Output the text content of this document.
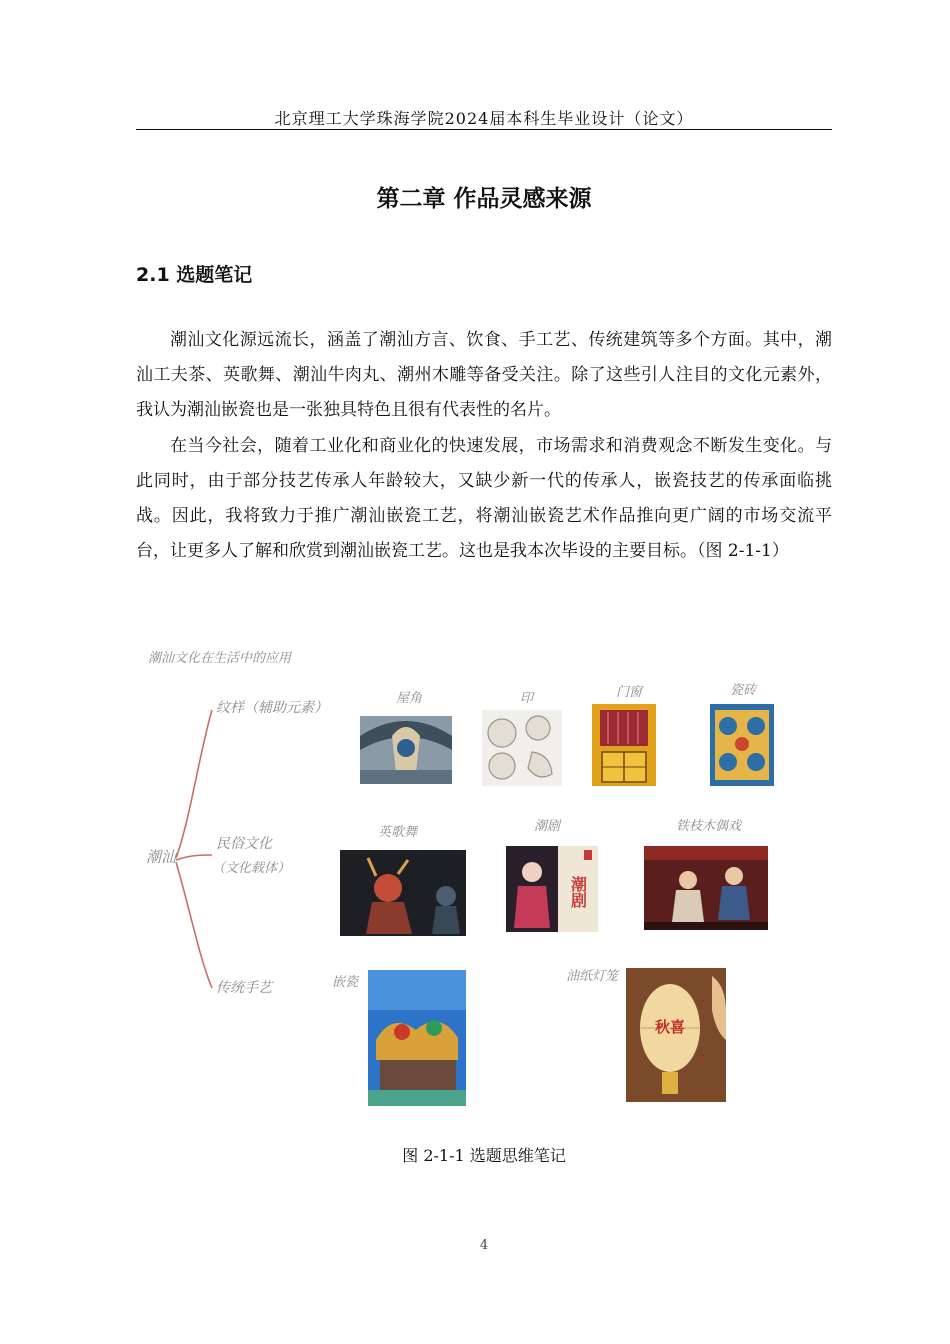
北京理工大学珠海学院2024届本科生毕业设计（论文）
第二章 作品灵感来源
2.1 选题笔记
潮汕文化源远流长，涵盖了潮汕方言、饮食、手工艺、传统建筑等多个方面。其中，潮汕工夫茶、英歌舞、潮汕牛肉丸、潮州木雕等备受关注。除了这些引人注目的文化元素外，我认为潮汕嵌瓷也是一张独具特色且很有代表性的名片。
在当今社会，随着工业化和商业化的快速发展，市场需求和消费观念不断发生变化。与此同时，由于部分技艺传承人年龄较大，又缺少新一代的传承人，嵌瓷技艺的传承面临挑战。因此，我将致力于推广潮汕嵌瓷工艺，将潮汕嵌瓷艺术作品推向更广阔的市场交流平台，让更多人了解和欣赏到潮汕嵌瓷工艺。这也是我本次毕设的主要目标。（图 2-1-1）
潮汕文化在生活中的应用
潮汕
纹样（辅助元素）
民俗文化
（文化载体）
传统手艺
屋角	印	门窗	瓷砖
英歌舞	潮剧	铁枝木偶戏
潮剧
嵌瓷	油纸灯笼
秋喜
图 2-1-1 选题思维笔记
4
